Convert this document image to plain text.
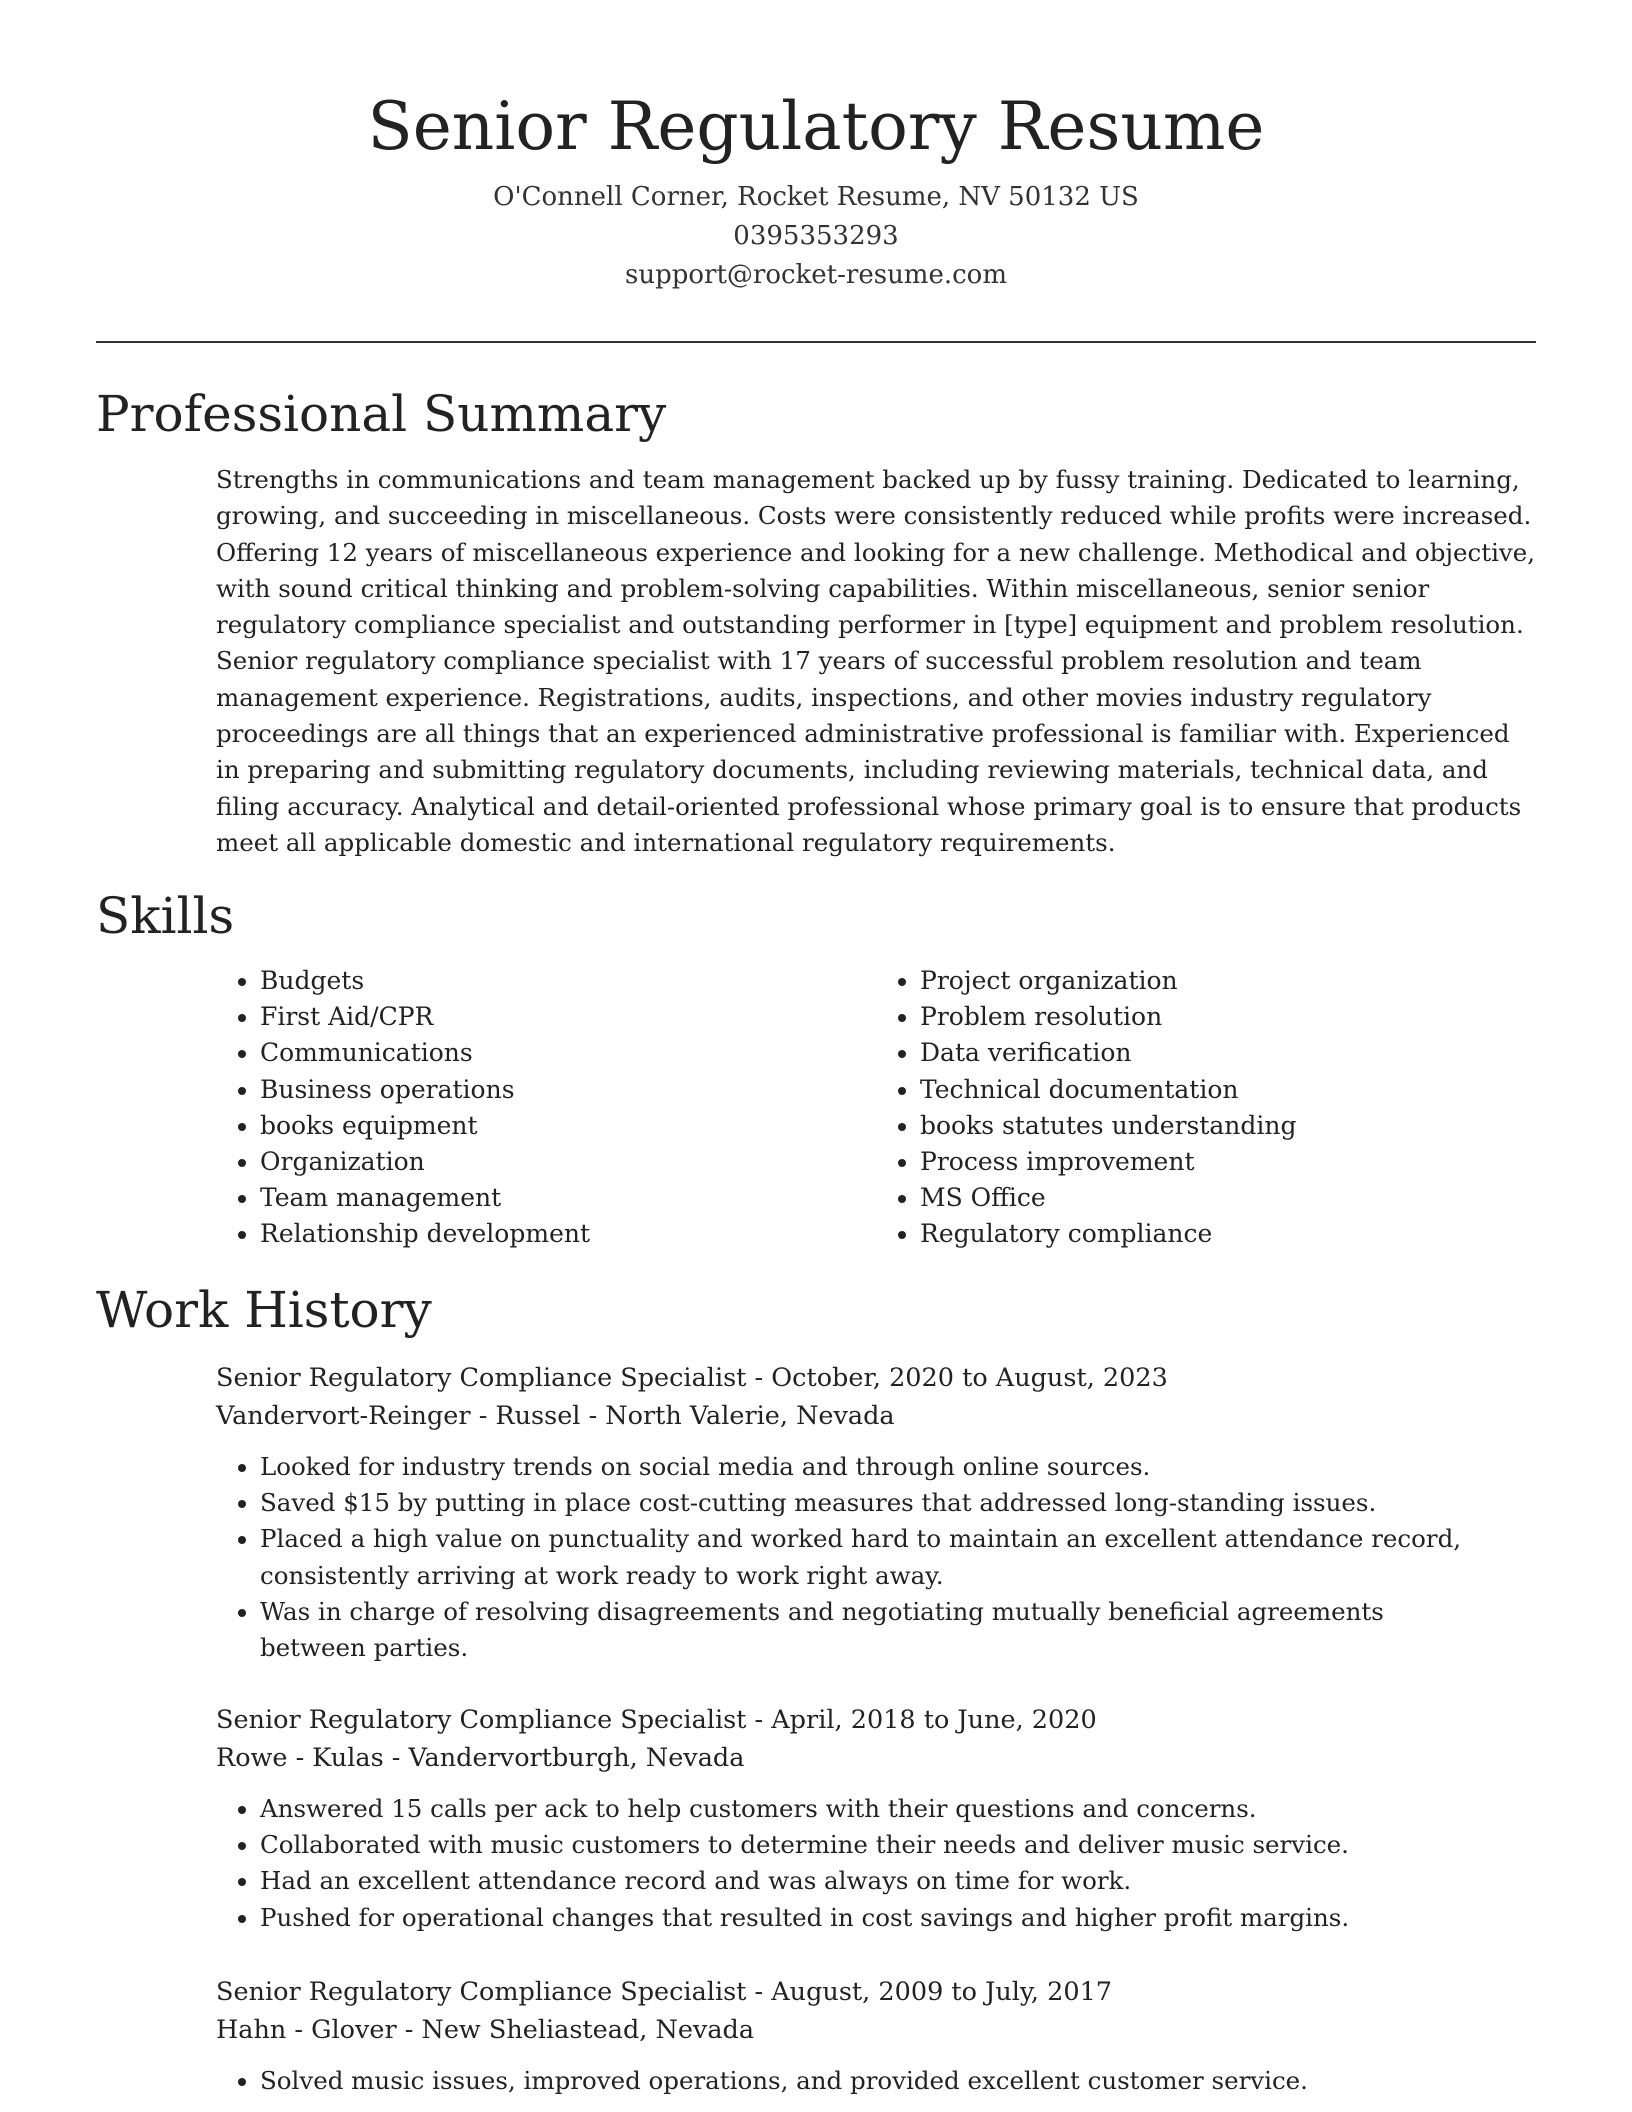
Senior Regulatory Resume

O'Connell Corner, Rocket Resume, NV 50132 US

0395353293

support@rocket-resume.com

Professional Summary

Strengths in communications and team management backed up by fussy training. Dedicated to learning, growing, and succeeding in miscellaneous. Costs were consistently reduced while profits were increased. Offering 12 years of miscellaneous experience and looking for a new challenge. Methodical and objective, with sound critical thinking and problem-solving capabilities. Within miscellaneous, senior senior regulatory compliance specialist and outstanding performer in [type] equipment and problem resolution. Senior regulatory compliance specialist with 17 years of successful problem resolution and team management experience. Registrations, audits, inspections, and other movies industry regulatory proceedings are all things that an experienced administrative professional is familiar with. Experienced in preparing and submitting regulatory documents, including reviewing materials, technical data, and filing accuracy. Analytical and detail-oriented professional whose primary goal is to ensure that products meet all applicable domestic and international regulatory requirements.

Skills
• Budgets
• First Aid/CPR
• Communications
• Business operations
• books equipment
• Organization
• Team management
• Relationship development
• Project organization
• Problem resolution
• Data verification
• Technical documentation
• books statutes understanding
• Process improvement
• MS Office
• Regulatory compliance
Work History

Senior Regulatory Compliance Specialist - October, 2020 to August, 2023

Vandervort-Reinger - Russel - North Valerie, Nevada

• Looked for industry trends on social media and through online sources.
• Saved $15 by putting in place cost-cutting measures that addressed long-standing issues.
• Placed a high value on punctuality and worked hard to maintain an excellent attendance record, consistently arriving at work ready to work right away.
• Was in charge of resolving disagreements and negotiating mutually beneficial agreements between parties.

Senior Regulatory Compliance Specialist - April, 2018 to June, 2020

Rowe - Kulas - Vandervortburgh, Nevada

• Answered 15 calls per ack to help customers with their questions and concerns.
• Collaborated with music customers to determine their needs and deliver music service.
• Had an excellent attendance record and was always on time for work.
• Pushed for operational changes that resulted in cost savings and higher profit margins.

Senior Regulatory Compliance Specialist - August, 2009 to July, 2017

Hahn - Glover - New Sheliastead, Nevada

• Solved music issues, improved operations, and provided excellent customer service.
